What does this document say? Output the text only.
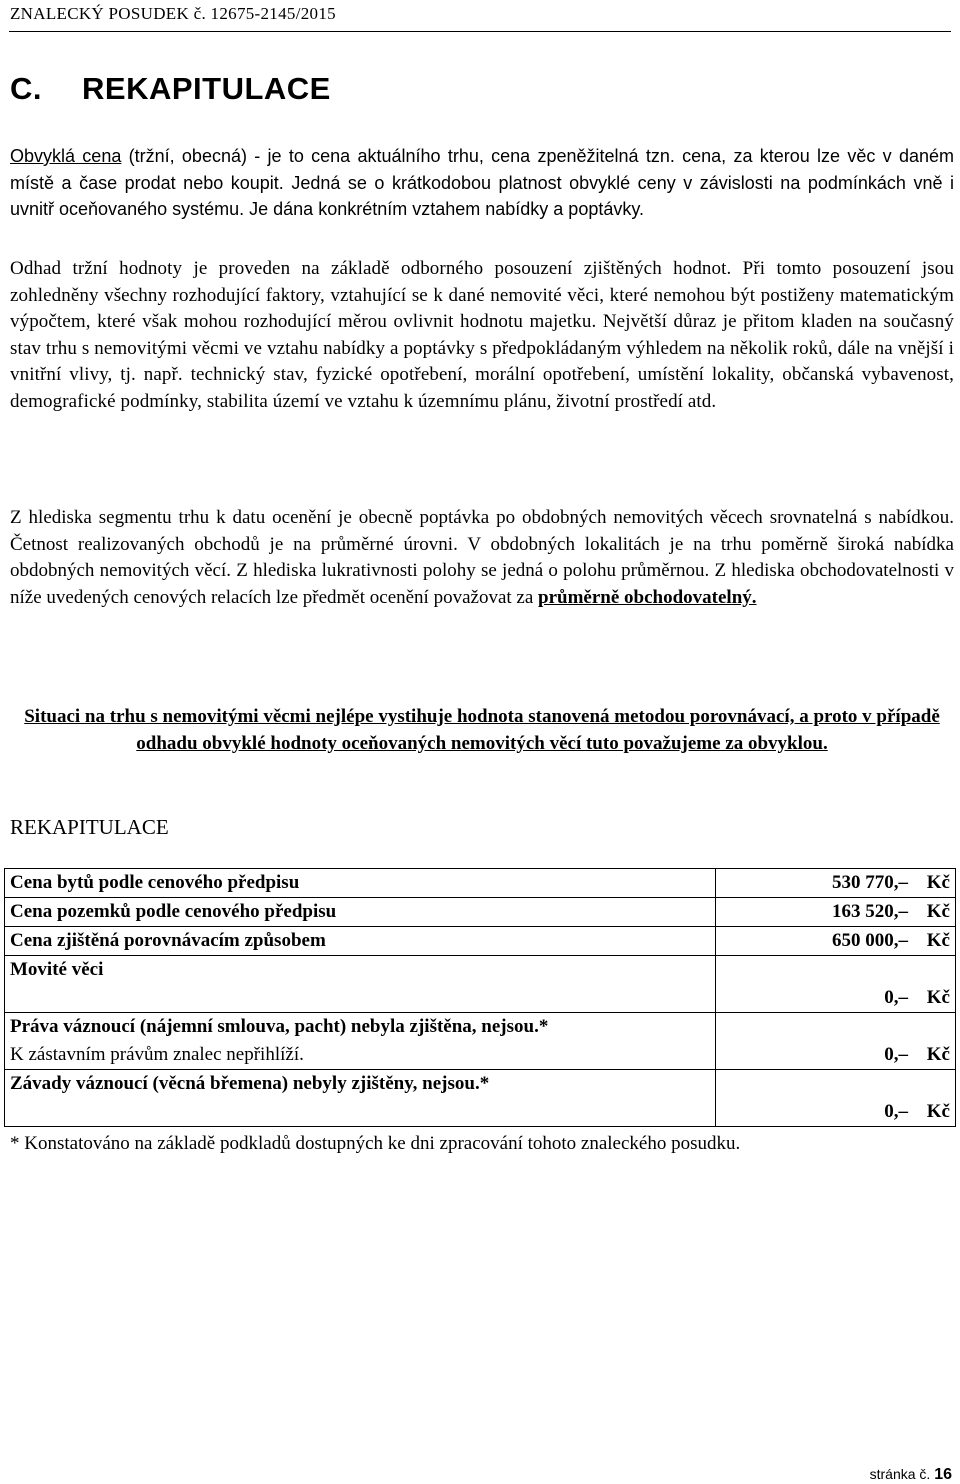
ZNALECKÝ POSUDEK č. 12675-2145/2015
C. REKAPITULACE

Obvyklá cena (tržní, obecná) - je to cena aktuálního trhu, cena zpeněžitelná tzn. cena, za kterou lze věc v daném místě a čase prodat nebo koupit. Jedná se o krátkodobou platnost obvyklé ceny v závislosti na podmínkách vně i uvnitř oceňovaného systému. Je dána konkrétním vztahem nabídky a poptávky.

Odhad tržní hodnoty je proveden na základě odborného posouzení zjištěných hodnot. Při tomto posouzení jsou zohledněny všechny rozhodující faktory, vztahující se k dané nemovité věci, které nemohou být postiženy matematickým výpočtem, které však mohou rozhodující měrou ovlivnit hodnotu majetku. Největší důraz je přitom kladen na současný stav trhu s nemovitými věcmi ve vztahu nabídky a poptávky s předpokládaným výhledem na několik roků, dále na vnější i vnitřní vlivy, tj. např. technický stav, fyzické opotřebení, morální opotřebení, umístění lokality, občanská vybavenost, demografické podmínky, stabilita území ve vztahu k územnímu plánu, životní prostředí atd.

Z hlediska segmentu trhu k datu ocenění je obecně poptávka po obdobných nemovitých věcech srovnatelná s nabídkou. Četnost realizovaných obchodů je na průměrné úrovni. V obdobných lokalitách je na trhu poměrně široká nabídka obdobných nemovitých věcí. Z hlediska lukrativnosti polohy se jedná o polohu průměrnou. Z hlediska obchodovatelnosti v níže uvedených cenových relacích lze předmět ocenění považovat za průměrně obchodovatelný.

Situaci na trhu s nemovitými věcmi nejlépe vystihuje hodnota stanovená metodou porovnávací, a proto v případě odhadu obvyklé hodnoty oceňovaných nemovitých věcí tuto považujeme za obvyklou.

REKAPITULACE
Cena bytů podle cenového předpisu	530 770,– Kč
Cena pozemků podle cenového předpisu	163 520,– Kč
Cena zjištěná porovnávacím způsobem	650 000,– Kč
Movité věci	0,– Kč
Práva váznoucí (nájemní smlouva, pacht) nebyla zjištěna, nejsou.*
K zástavním právům znalec nepřihlíží.	0,– Kč
Závady váznoucí (věcná břemena) nebyly zjištěny, nejsou.*	0,– Kč
* Konstatováno na základě podkladů dostupných ke dni zpracování tohoto znaleckého posudku.
stránka č. 16
